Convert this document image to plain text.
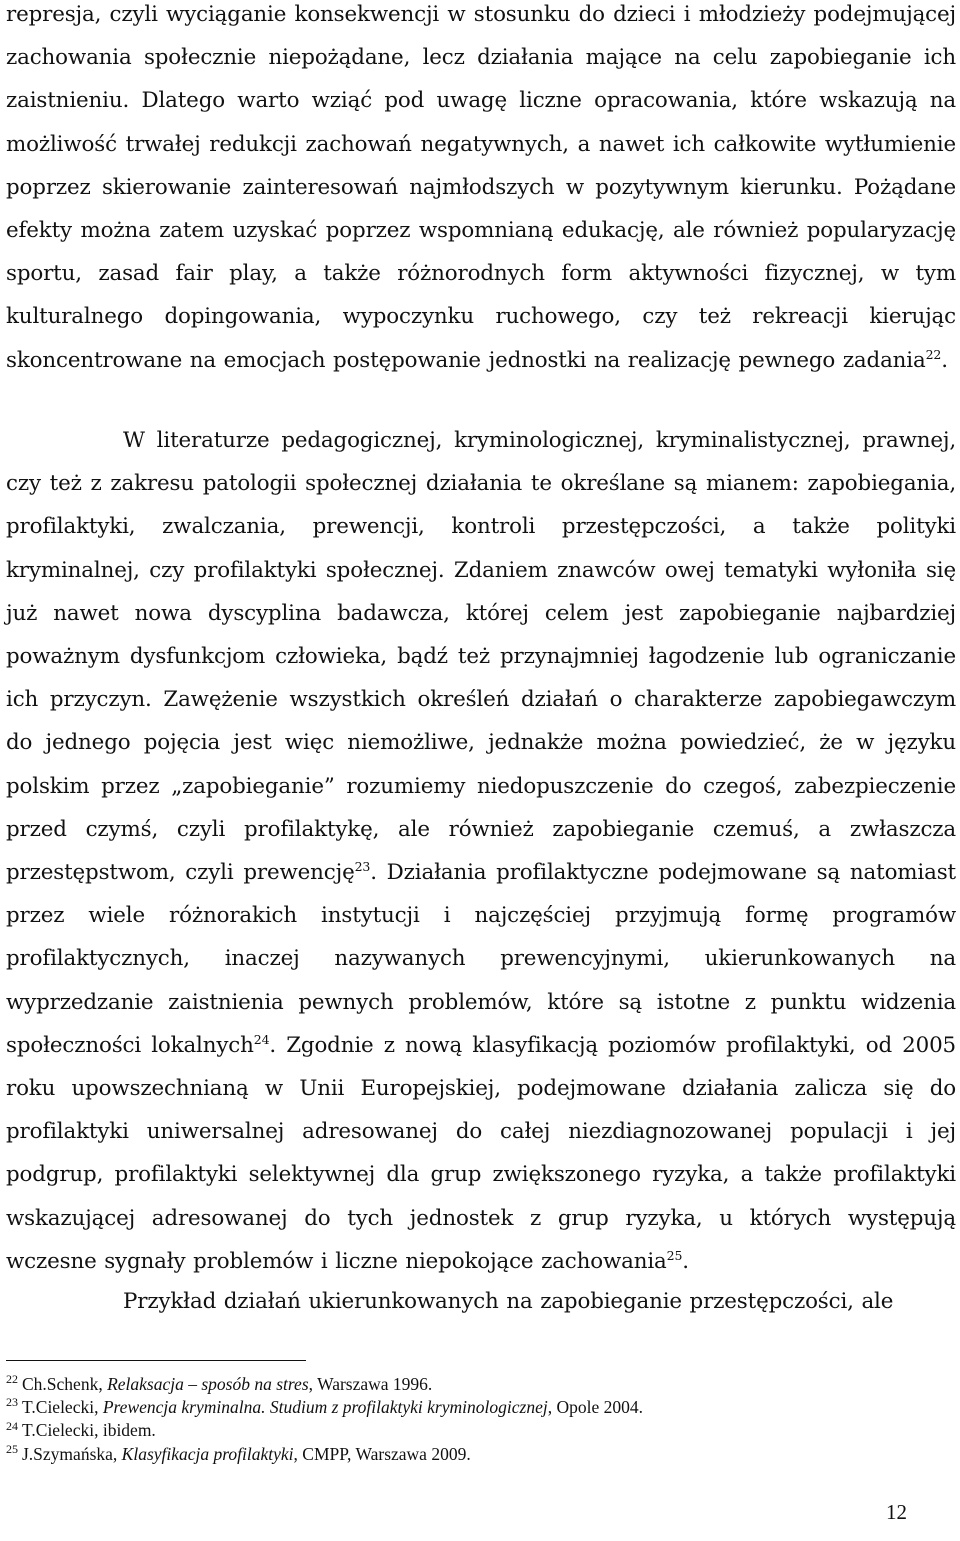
represja, czyli wyciąganie konsekwencji w stosunku do dzieci i młodzieży podejmującej zachowania społecznie niepożądane, lecz działania mające na celu zapobieganie ich zaistnieniu. Dlatego warto wziąć pod uwagę liczne opracowania, które wskazują na możliwość trwałej redukcji zachowań negatywnych, a nawet ich całkowite wytłumienie poprzez skierowanie zainteresowań najmłodszych w pozytywnym kierunku. Pożądane efekty można zatem uzyskać poprzez wspomnianą edukację, ale również popularyzację sportu, zasad fair play, a także różnorodnych form aktywności fizycznej, w tym kulturalnego dopingowania, wypoczynku ruchowego, czy też rekreacji kierując skoncentrowane na emocjach postępowanie jednostki na realizację pewnego zadania$^{22}$.

W literaturze pedagogicznej, kryminologicznej, kryminalistycznej, prawnej, czy też z zakresu patologii społecznej działania te określane są mianem: zapobiegania, profilaktyki, zwalczania, prewencji, kontroli przestępczości, a także polityki kryminalnej, czy profilaktyki społecznej. Zdaniem znawców owej tematyki wyłoniła się już nawet nowa dyscyplina badawcza, której celem jest zapobieganie najbardziej poważnym dysfunkcjom człowieka, bądź też przynajmniej łagodzenie lub ograniczanie ich przyczyn. Zawężenie wszystkich określeń działań o charakterze zapobiegawczym do jednego pojęcia jest więc niemożliwe, jednakże można powiedzieć, że w języku polskim przez „zapobieganie” rozumiemy niedopuszczenie do czegoś, zabezpieczenie przed czymś, czyli profilaktykę, ale również zapobieganie czemuś, a zwłaszcza przestępstwom, czyli prewencję$^{23}$. Działania profilaktyczne podejmowane są natomiast przez wiele różnorakich instytucji i najczęściej przyjmują formę programów profilaktycznych, inaczej nazywanych prewencyjnymi, ukierunkowanych na wyprzedzanie zaistnienia pewnych problemów, które są istotne z punktu widzenia społeczności lokalnych$^{24}$. Zgodnie z nową klasyfikacją poziomów profilaktyki, od 2005 roku upowszechnianą w Unii Europejskiej, podejmowane działania zalicza się do profilaktyki uniwersalnej adresowanej do całej niezdiagnozowanej populacji i jej podgrup, profilaktyki selektywnej dla grup zwiększonego ryzyka, a także profilaktyki wskazującej adresowanej do tych jednostek z grup ryzyka, u których występują wczesne sygnały problemów i liczne niepokojące zachowania$^{25}$.

Przykład działań ukierunkowanych na zapobieganie przestępczości, ale

$^{22}$ Ch.Schenk, Relaksacja – sposób na stres, Warszawa 1996.

$^{23}$ T.Cielecki, Prewencja kryminalna. Studium z profilaktyki kryminologicznej, Opole 2004.

$^{24}$ T.Cielecki, ibidem.

$^{25}$ J.Szymańska, Klasyfikacja profilaktyki, CMPP, Warszawa 2009.

12
